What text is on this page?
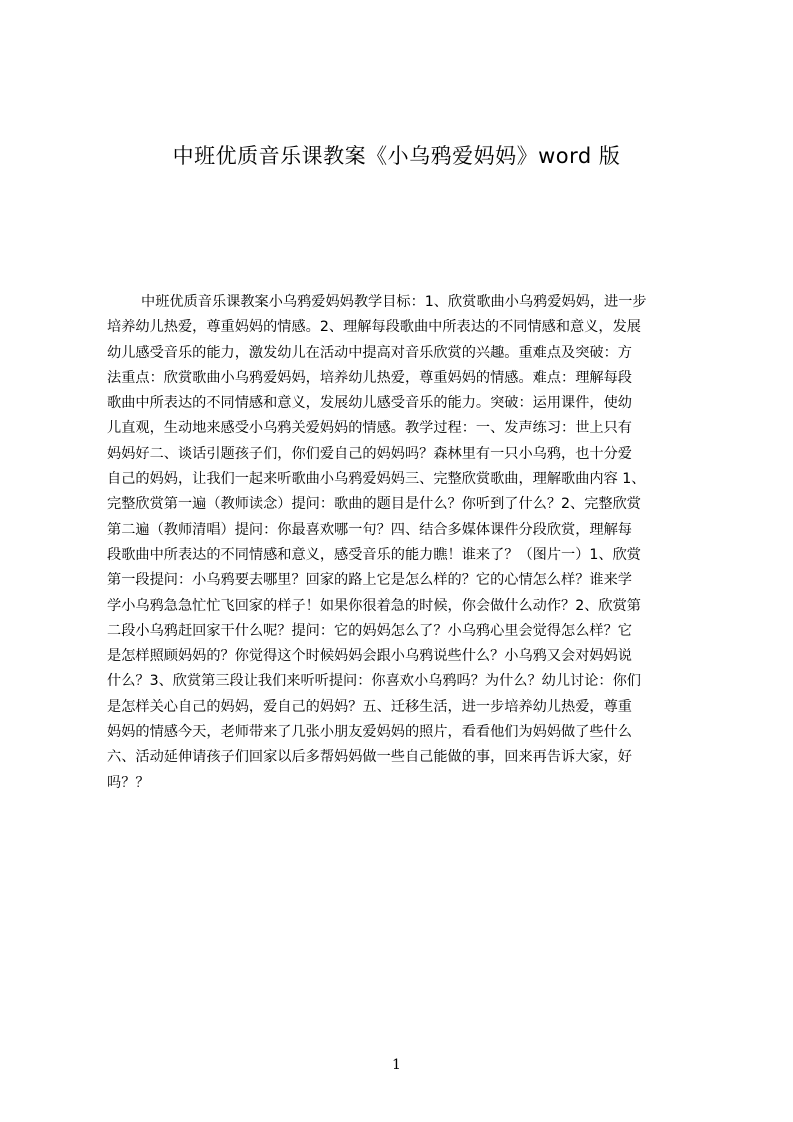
中班优质音乐课教案《小乌鸦爱妈妈》word 版
中班优质音乐课教案小乌鸦爱妈妈教学目标：1、欣赏歌曲小乌鸦爱妈妈，进一步
培养幼儿热爱，尊重妈妈的情感。2、理解每段歌曲中所表达的不同情感和意义，发展
幼儿感受音乐的能力，激发幼儿在活动中提高对音乐欣赏的兴趣。重难点及突破：方
法重点：欣赏歌曲小乌鸦爱妈妈，培养幼儿热爱，尊重妈妈的情感。难点：理解每段
歌曲中所表达的不同情感和意义，发展幼儿感受音乐的能力。突破：运用课件，使幼
儿直观，生动地来感受小乌鸦关爱妈妈的情感。教学过程：一、发声练习：世上只有
妈妈好二、谈话引题孩子们，你们爱自己的妈妈吗？森林里有一只小乌鸦，也十分爱
自己的妈妈，让我们一起来听歌曲小乌鸦爱妈妈三、完整欣赏歌曲，理解歌曲内容 1、
完整欣赏第一遍（教师读念）提问：歌曲的题目是什么？你听到了什么？2、完整欣赏
第二遍（教师清唱）提问：你最喜欢哪一句？四、结合多媒体课件分段欣赏，理解每
段歌曲中所表达的不同情感和意义，感受音乐的能力瞧！谁来了？（图片一）1、欣赏
第一段提问：小乌鸦要去哪里？回家的路上它是怎么样的？它的心情怎么样？谁来学
学小乌鸦急急忙忙飞回家的样子！如果你很着急的时候，你会做什么动作？2、欣赏第
二段小乌鸦赶回家干什么呢？提问：它的妈妈怎么了？小乌鸦心里会觉得怎么样？它
是怎样照顾妈妈的？你觉得这个时候妈妈会跟小乌鸦说些什么？小乌鸦又会对妈妈说
什么？3、欣赏第三段让我们来听听提问：你喜欢小乌鸦吗？为什么？幼儿讨论：你们
是怎样关心自己的妈妈，爱自己的妈妈？五、迁移生活，进一步培养幼儿热爱，尊重
妈妈的情感今天，老师带来了几张小朋友爱妈妈的照片，看看他们为妈妈做了些什么
六、活动延伸请孩子们回家以后多帮妈妈做一些自己能做的事，回来再告诉大家，好
吗？？
1
